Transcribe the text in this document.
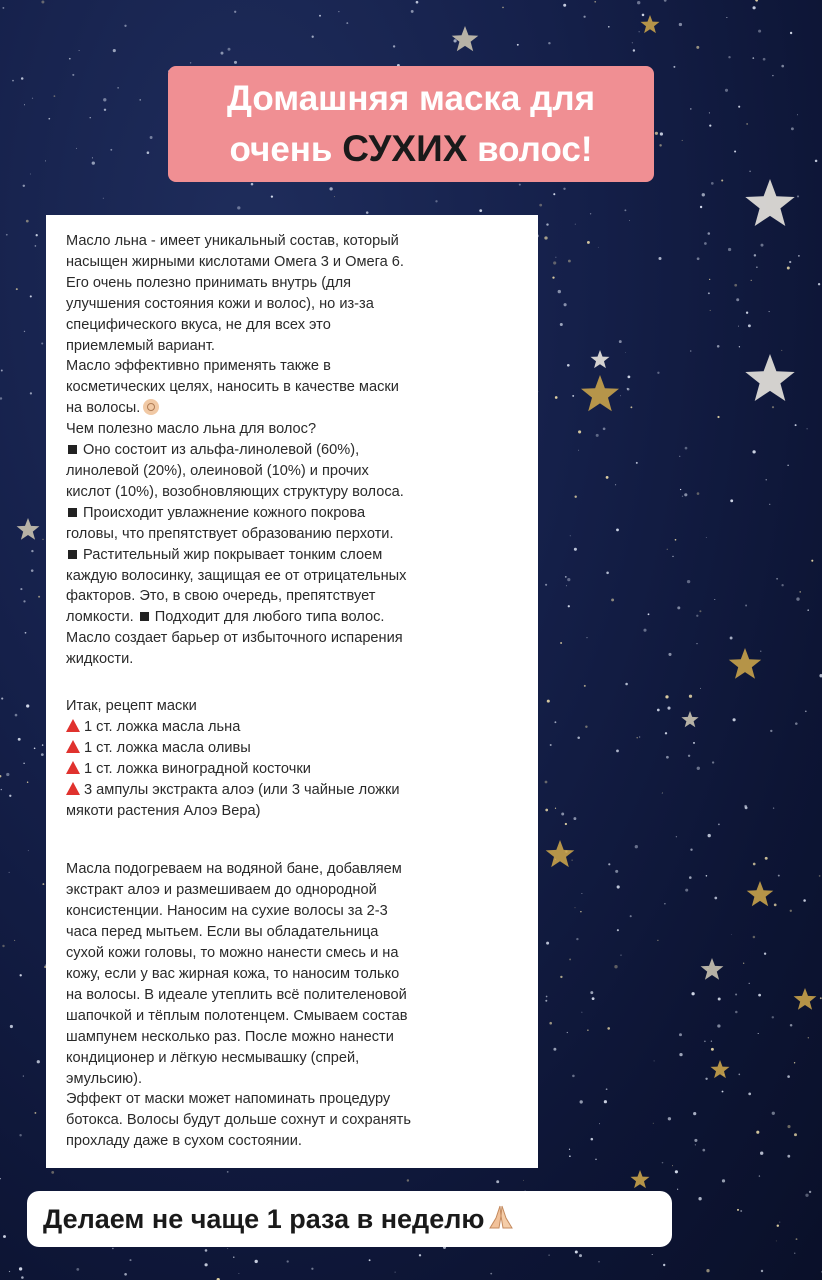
Домашняя маска для
очень СУХИХ волос!

Масло льна - имеет уникальный состав, который
насыщен жирными кислотами Омега 3 и Омега 6.
Его очень полезно принимать внутрь (для
улучшения состояния кожи и волос), но из-за
специфического вкуса, не для всех это
приемлемый вариант.

Масло эффективно применять также в
косметических целях, наносить в качестве маски
на волосы.

Чем полезно масло льна для волос?

Оно состоит из альфа-линолевой (60%),
линолевой (20%), олеиновой (10%) и прочих
кислот (10%), возобновляющих структуру волоса.

Происходит увлажнение кожного покрова
головы, что препятствует образованию перхоти.

Растительный жир покрывает тонким слоем
каждую волосинку, защищая ее от отрицательных
факторов. Это, в свою очередь, препятствует
ломкости. Подходит для любого типа волос.

Масло создает барьер от избыточного испарения
жидкости.

Итак, рецепт маски

1 ст. ложка масла льна

1 ст. ложка масла оливы

1 ст. ложка виноградной косточки

3 ампулы экстракта алоэ (или 3 чайные ложки
мякоти растения Алоэ Вера)

Масла подогреваем на водяной бане, добавляем
экстракт алоэ и размешиваем до однородной
консистенции. Наносим на сухие волосы за 2-3
часа перед мытьем. Если вы обладательница
сухой кожи головы, то можно нанести смесь и на
кожу, если у вас жирная кожа, то наносим только
на волосы. В идеале утеплить всё полителеновой
шапочкой и тёплым полотенцем. Смываем состав
шампунем несколько раз. После можно нанести
кондиционер и лёгкую несмывашку (спрей,
эмульсию).

Эффект от маски может напоминать процедуру
ботокса. Волосы будут дольше сохнут и сохранять
прохладу даже в сухом состоянии.

Делаем не чаще 1 раза в неделю
